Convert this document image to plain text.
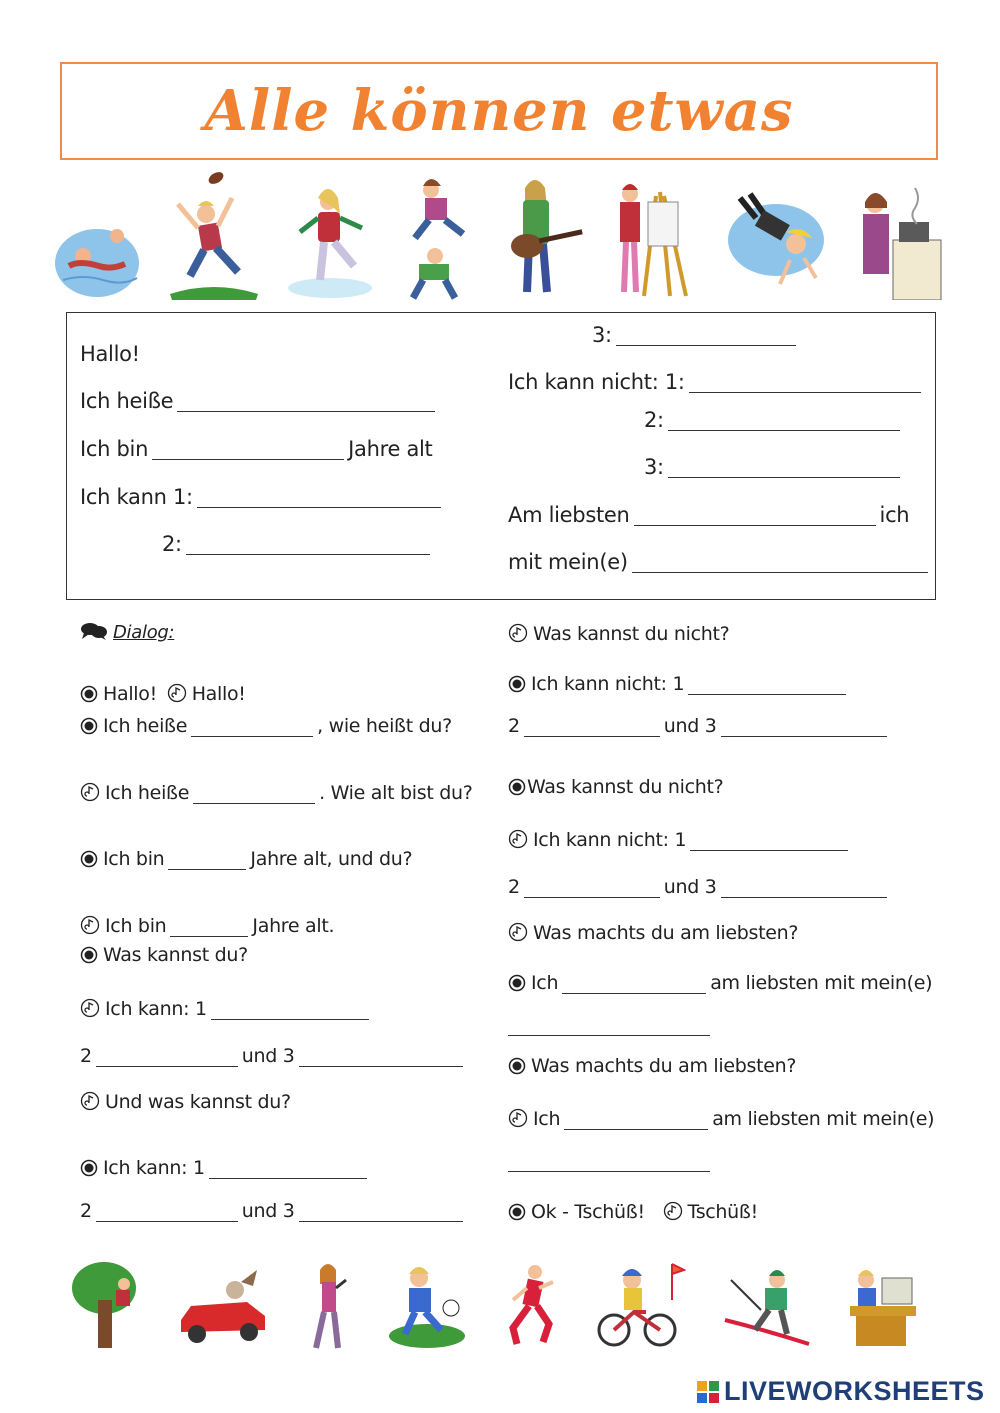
Alle können etwas
Hallo!
Ich heiße
Ich bin	Jahre alt
Ich kann 1:
2:
3:
Ich kann nicht: 1:
2:
3:
Am liebsten	ich
mit mein(e)
Dialog:
Hallo! Hallo!
Ich heiße	, wie heißt du?
Ich heiße	. Wie alt bist du?
Ich bin	Jahre alt, und du?
Ich bin	Jahre alt.
Was kannst du?
Ich kann: 1
2	und 3
Und was kannst du?
Ich kann: 1
2	und 3
Was kannst du nicht?
Ich kann nicht: 1
2	und 3
Was kannst du nicht?
Ich kann nicht: 1
2	und 3
Was machts du am liebsten?
Ich	am liebsten mit mein(e)
Was machts du am liebsten?
Ich	am liebsten mit mein(e)
Ok - Tschüß! Tschüß!
LIVEWORKSHEETS
